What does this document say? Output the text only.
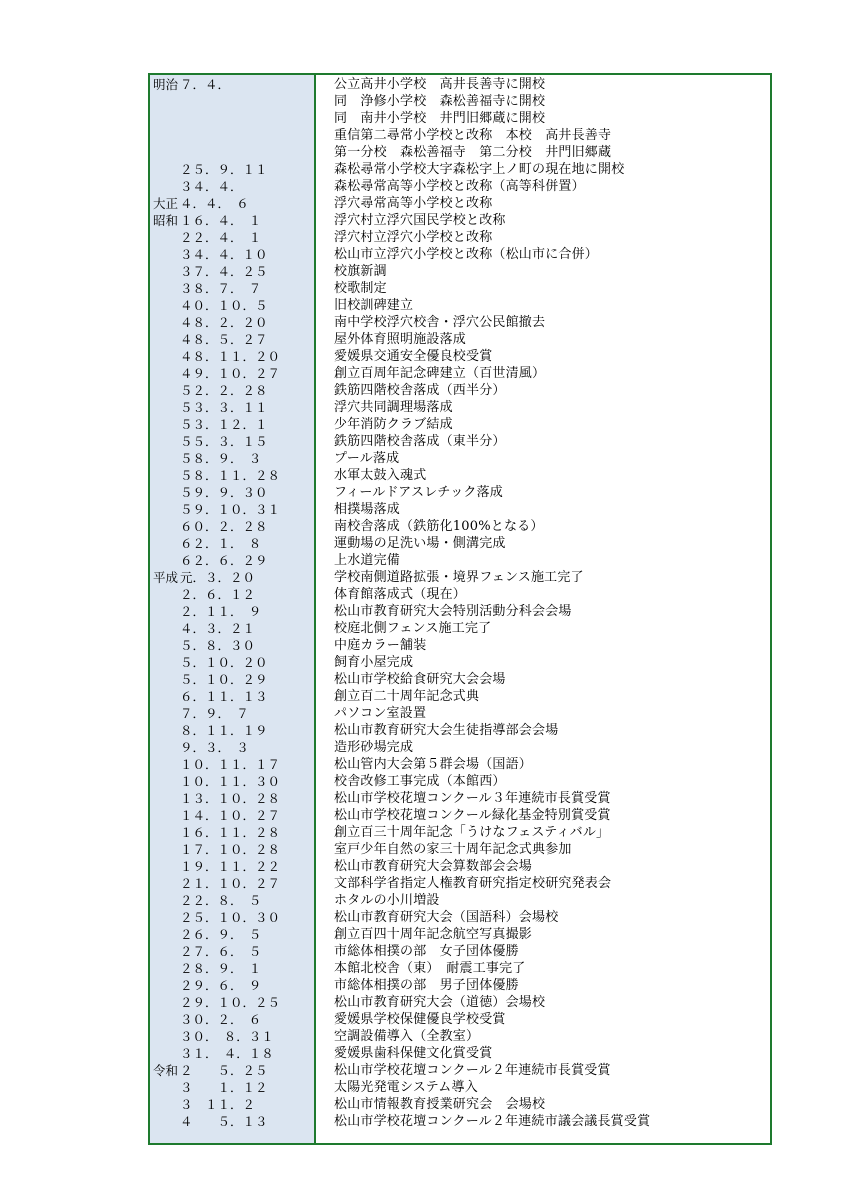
明治 ７．４．	公立高井小学校　高井長善寺に開校
同　浄修小学校　森松善福寺に開校
同　南井小学校　井門旧郷蔵に開校
重信第二尋常小学校と改称　本校　高井長善寺
第一分校　森松善福寺　第二分校　井門旧郷蔵
２５．９．１１	森松尋常小学校大字森松字上ノ町の現在地に開校
３４．４．	森松尋常高等小学校と改称（高等科併置）
大正 ４．４．　６	浮穴尋常高等小学校と改称
昭和 １６．４．　１	浮穴村立浮穴国民学校と改称
２２．４．　１	浮穴村立浮穴小学校と改称
３４．４．１０	松山市立浮穴小学校と改称（松山市に合併）
３７．４．２５	校旗新調
３８．７．　７	校歌制定
４０．１０．５	旧校訓碑建立
４８．２．２０	南中学校浮穴校舎・浮穴公民館撤去
４８．５．２７	屋外体育照明施設落成
４８．１１．２０	愛媛県交通安全優良校受賞
４９．１０．２７	創立百周年記念碑建立（百世清風）
５２．２．２８	鉄筋四階校舎落成（西半分）
５３．３．１１	浮穴共同調理場落成
５３．１２．１	少年消防クラブ結成
５５．３．１５	鉄筋四階校舎落成（東半分）
５８．９．　３	プール落成
５８．１１．２８	水軍太鼓入魂式
５９．９．３０	フィールドアスレチック落成
５９．１０．３１	相撲場落成
６０．２．２８	南校舎落成（鉄筋化100%となる）
６２．１．　８	運動場の足洗い場・側溝完成
６２．６．２９	上水道完備
平成 元．３．２０	学校南側道路拡張・境界フェンス施工完了
２．６．１２	体育館落成式（現在）
２．１１．　９	松山市教育研究大会特別活動分科会会場
４．３．２１	校庭北側フェンス施工完了
５．８．３０	中庭カラー舗装
５．１０．２０	飼育小屋完成
５．１０．２９	松山市学校給食研究大会会場
６．１１．１３	創立百二十周年記念式典
７．９．　７	パソコン室設置
８．１１．１９	松山市教育研究大会生徒指導部会会場
９．３．　３	造形砂場完成
１０．１１．１７	松山管内大会第５群会場（国語）
１０．１１．３０	校舎改修工事完成（本館西）
１３．１０．２８	松山市学校花壇コンクール３年連続市長賞受賞
１４．１０．２７	松山市学校花壇コンクール緑化基金特別賞受賞
１６．１１．２８	創立百三十周年記念「うけなフェスティバル」
１７．１０．２８	室戸少年自然の家三十周年記念式典参加
１９．１１．２２	松山市教育研究大会算数部会会場
２１．１０．２７	文部科学省指定人権教育研究指定校研究発表会
２２．８．　５	ホタルの小川増設
２５．１０．３０	松山市教育研究大会（国語科）会場校
２６．９．　５	創立百四十周年記念航空写真撮影
２７．６．　５	市総体相撲の部　女子団体優勝
２８．９．　１	本館北校舎（東）　耐震工事完了
２９．６．　９	市総体相撲の部　男子団体優勝
２９．１０．２５	松山市教育研究大会（道徳）会場校
３０．２．　６	愛媛県学校保健優良学校受賞
３０．　８．３１	空調設備導入（全教室）
３１．　４．１８	愛媛県歯科保健文化賞受賞
令和 ２　　５．２５	松山市学校花壇コンクール２年連続市長賞受賞
３　　１．１２	太陽光発電システム導入
３　１１．２	松山市情報教育授業研究会　会場校
４　　５．１３	松山市学校花壇コンクール２年連続市議会議長賞受賞
